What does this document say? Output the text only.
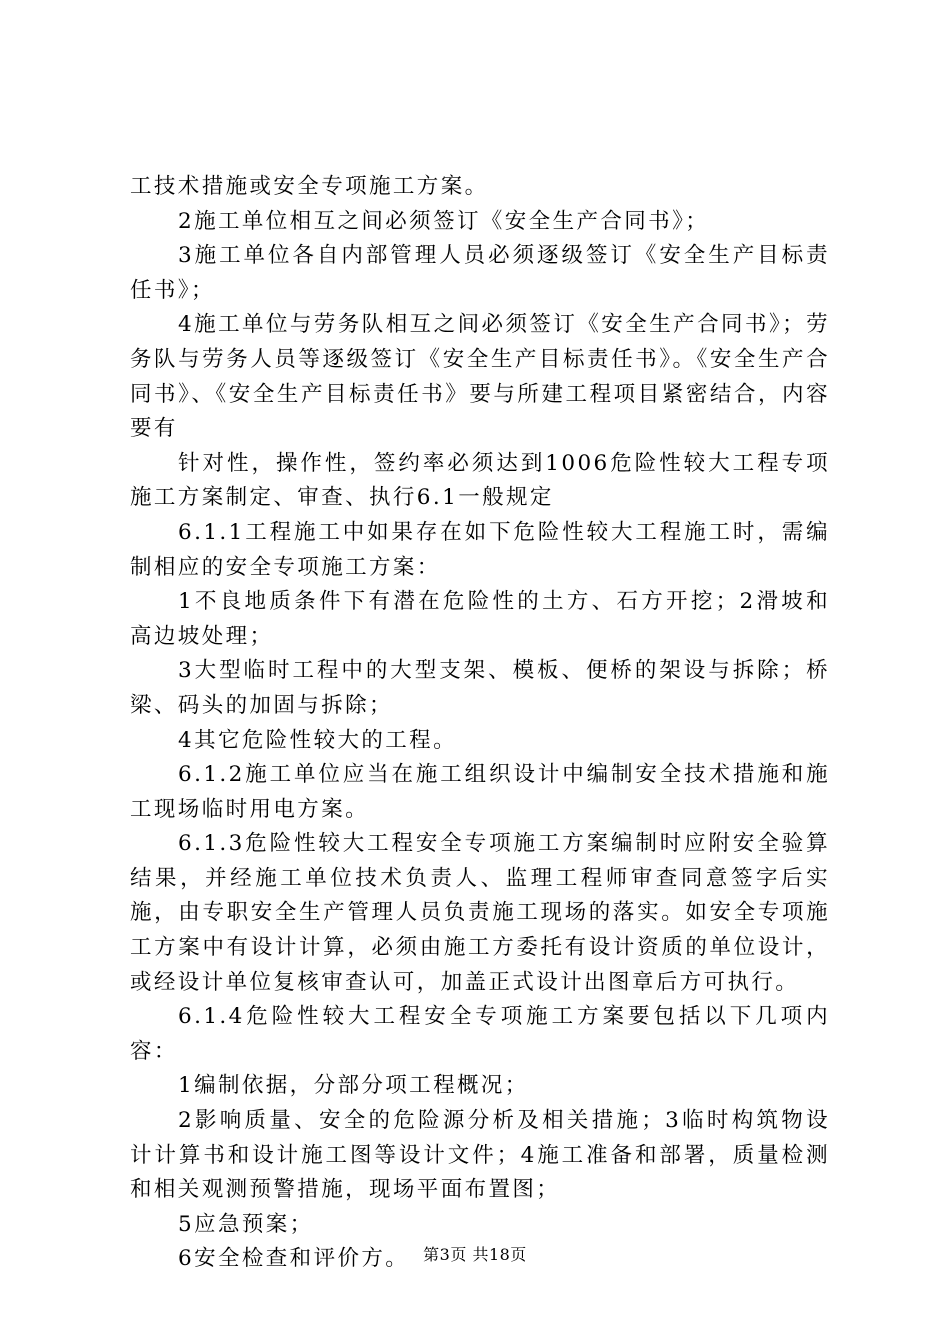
工技术措施或安全专项施工方案。

2施工单位相互之间必须签订《安全生产合同书》；

3施工单位各自内部管理人员必须逐级签订《安全生产目标责任书》；

4施工单位与劳务队相互之间必须签订《安全生产合同书》；劳务队与劳务人员等逐级签订《安全生产目标责任书》。《安全生产合同书》、《安全生产目标责任书》要与所建工程项目紧密结合，内容要有

针对性，操作性，签约率必须达到1006危险性较大工程专项施工方案制定、审查、执行6.1一般规定

6.1.1工程施工中如果存在如下危险性较大工程施工时，需编制相应的安全专项施工方案：

1不良地质条件下有潜在危险性的土方、石方开挖；2滑坡和高边坡处理；

3大型临时工程中的大型支架、模板、便桥的架设与拆除；桥梁、码头的加固与拆除；

4其它危险性较大的工程。

6.1.2施工单位应当在施工组织设计中编制安全技术措施和施工现场临时用电方案。

6.1.3危险性较大工程安全专项施工方案编制时应附安全验算结果，并经施工单位技术负责人、监理工程师审查同意签字后实施，由专职安全生产管理人员负责施工现场的落实。如安全专项施工方案中有设计计算，必须由施工方委托有设计资质的单位设计，或经设计单位复核审查认可，加盖正式设计出图章后方可执行。

6.1.4危险性较大工程安全专项施工方案要包括以下几项内容：

1编制依据，分部分项工程概况；

2影响质量、安全的危险源分析及相关措施；3临时构筑物设计计算书和设计施工图等设计文件；4施工准备和部署，质量检测和相关观测预警措施，现场平面布置图；

5应急预案；

6安全检查和评价方。 第3页 共18页
